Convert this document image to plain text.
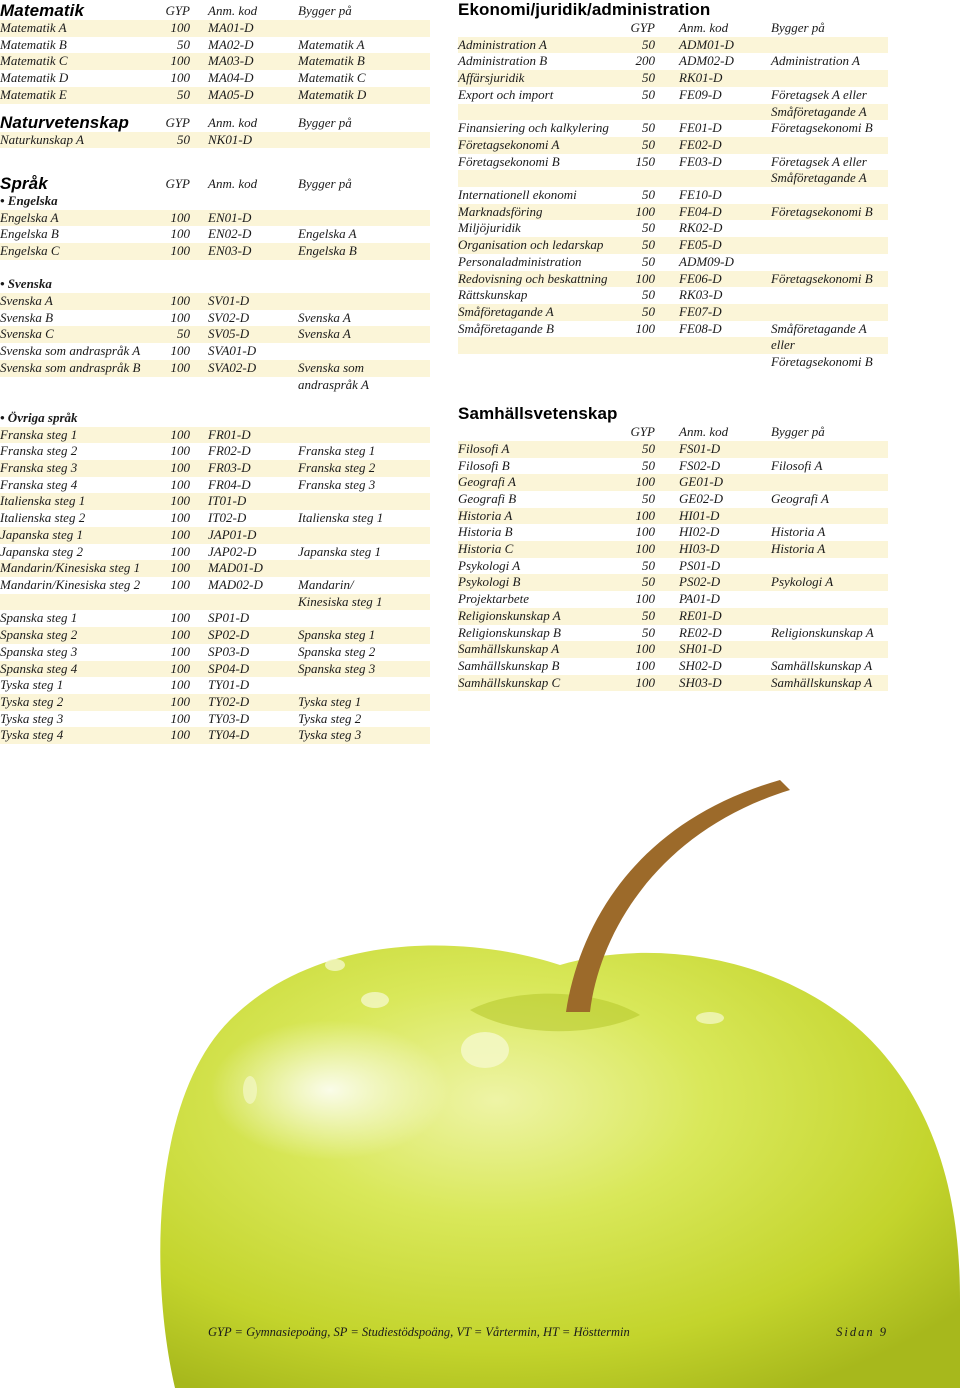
Matematik	GYP	Anm. kod	Bygger på
Matematik A	100	MA01-D
Matematik B	50	MA02-D	Matematik A
Matematik C	100	MA03-D	Matematik B
Matematik D	100	MA04-D	Matematik C
Matematik E	50	MA05-D	Matematik D
Naturvetenskap	GYP	Anm. kod	Bygger på
Naturkunskap A	50	NK01-D
Språk	GYP	Anm. kod	Bygger på
• Engelska
Engelska A	100	EN01-D
Engelska B	100	EN02-D	Engelska A
Engelska C	100	EN03-D	Engelska B
• Svenska
Svenska A	100	SV01-D
Svenska B	100	SV02-D	Svenska A
Svenska C	50	SV05-D	Svenska A
Svenska som andraspråk A	100	SVA01-D
Svenska som andraspråk B	100	SVA02-D	Svenska som
andraspråk A
• Övriga språk
Franska steg 1	100	FR01-D
Franska steg 2	100	FR02-D	Franska steg 1
Franska steg 3	100	FR03-D	Franska steg 2
Franska steg 4	100	FR04-D	Franska steg 3
Italienska steg 1	100	IT01-D
Italienska steg 2	100	IT02-D	Italienska steg 1
Japanska steg 1	100	JAP01-D
Japanska steg 2	100	JAP02-D	Japanska steg 1
Mandarin/Kinesiska steg 1	100	MAD01-D
Mandarin/Kinesiska steg 2	100	MAD02-D	Mandarin/
Kinesiska steg 1
Spanska steg 1	100	SP01-D
Spanska steg 2	100	SP02-D	Spanska steg 1
Spanska steg 3	100	SP03-D	Spanska steg 2
Spanska steg 4	100	SP04-D	Spanska steg 3
Tyska steg 1	100	TY01-D
Tyska steg 2	100	TY02-D	Tyska steg 1
Tyska steg 3	100	TY03-D	Tyska steg 2
Tyska steg 4	100	TY04-D	Tyska steg 3
Ekonomi/juridik/administration
GYP	Anm. kod	Bygger på
Administration A	50	ADM01-D
Administration B	200	ADM02-D	Administration A
Affärsjuridik	50	RK01-D
Export och import	50	FE09-D	Företagsek A eller
Småföretagande A
Finansiering och kalkylering	50	FE01-D	Företagsekonomi B
Företagsekonomi A	50	FE02-D
Företagsekonomi B	150	FE03-D	Företagsek A eller
Småföretagande A
Internationell ekonomi	50	FE10-D
Marknadsföring	100	FE04-D	Företagsekonomi B
Miljöjuridik	50	RK02-D
Organisation och ledarskap	50	FE05-D
Personaladministration	50	ADM09-D
Redovisning och beskattning	100	FE06-D	Företagsekonomi B
Rättskunskap	50	RK03-D
Småföretagande A	50	FE07-D
Småföretagande B	100	FE08-D	Småföretagande A
eller
Företagsekonomi B
Samhällsvetenskap
GYP	Anm. kod	Bygger på
Filosofi A	50	FS01-D
Filosofi B	50	FS02-D	Filosofi A
Geografi A	100	GE01-D
Geografi B	50	GE02-D	Geografi A
Historia A	100	HI01-D
Historia B	100	HI02-D	Historia A
Historia C	100	HI03-D	Historia A
Psykologi A	50	PS01-D
Psykologi B	50	PS02-D	Psykologi A
Projektarbete	100	PA01-D
Religionskunskap A	50	RE01-D
Religionskunskap B	50	RE02-D	Religionskunskap A
Samhällskunskap A	100	SH01-D
Samhällskunskap B	100	SH02-D	Samhällskunskap A
Samhällskunskap C	100	SH03-D	Samhällskunskap A
GYP = Gymnasiepoäng, SP = Studiestödspoäng, VT = Vårtermin, HT = Hösttermin	Sidan 9
